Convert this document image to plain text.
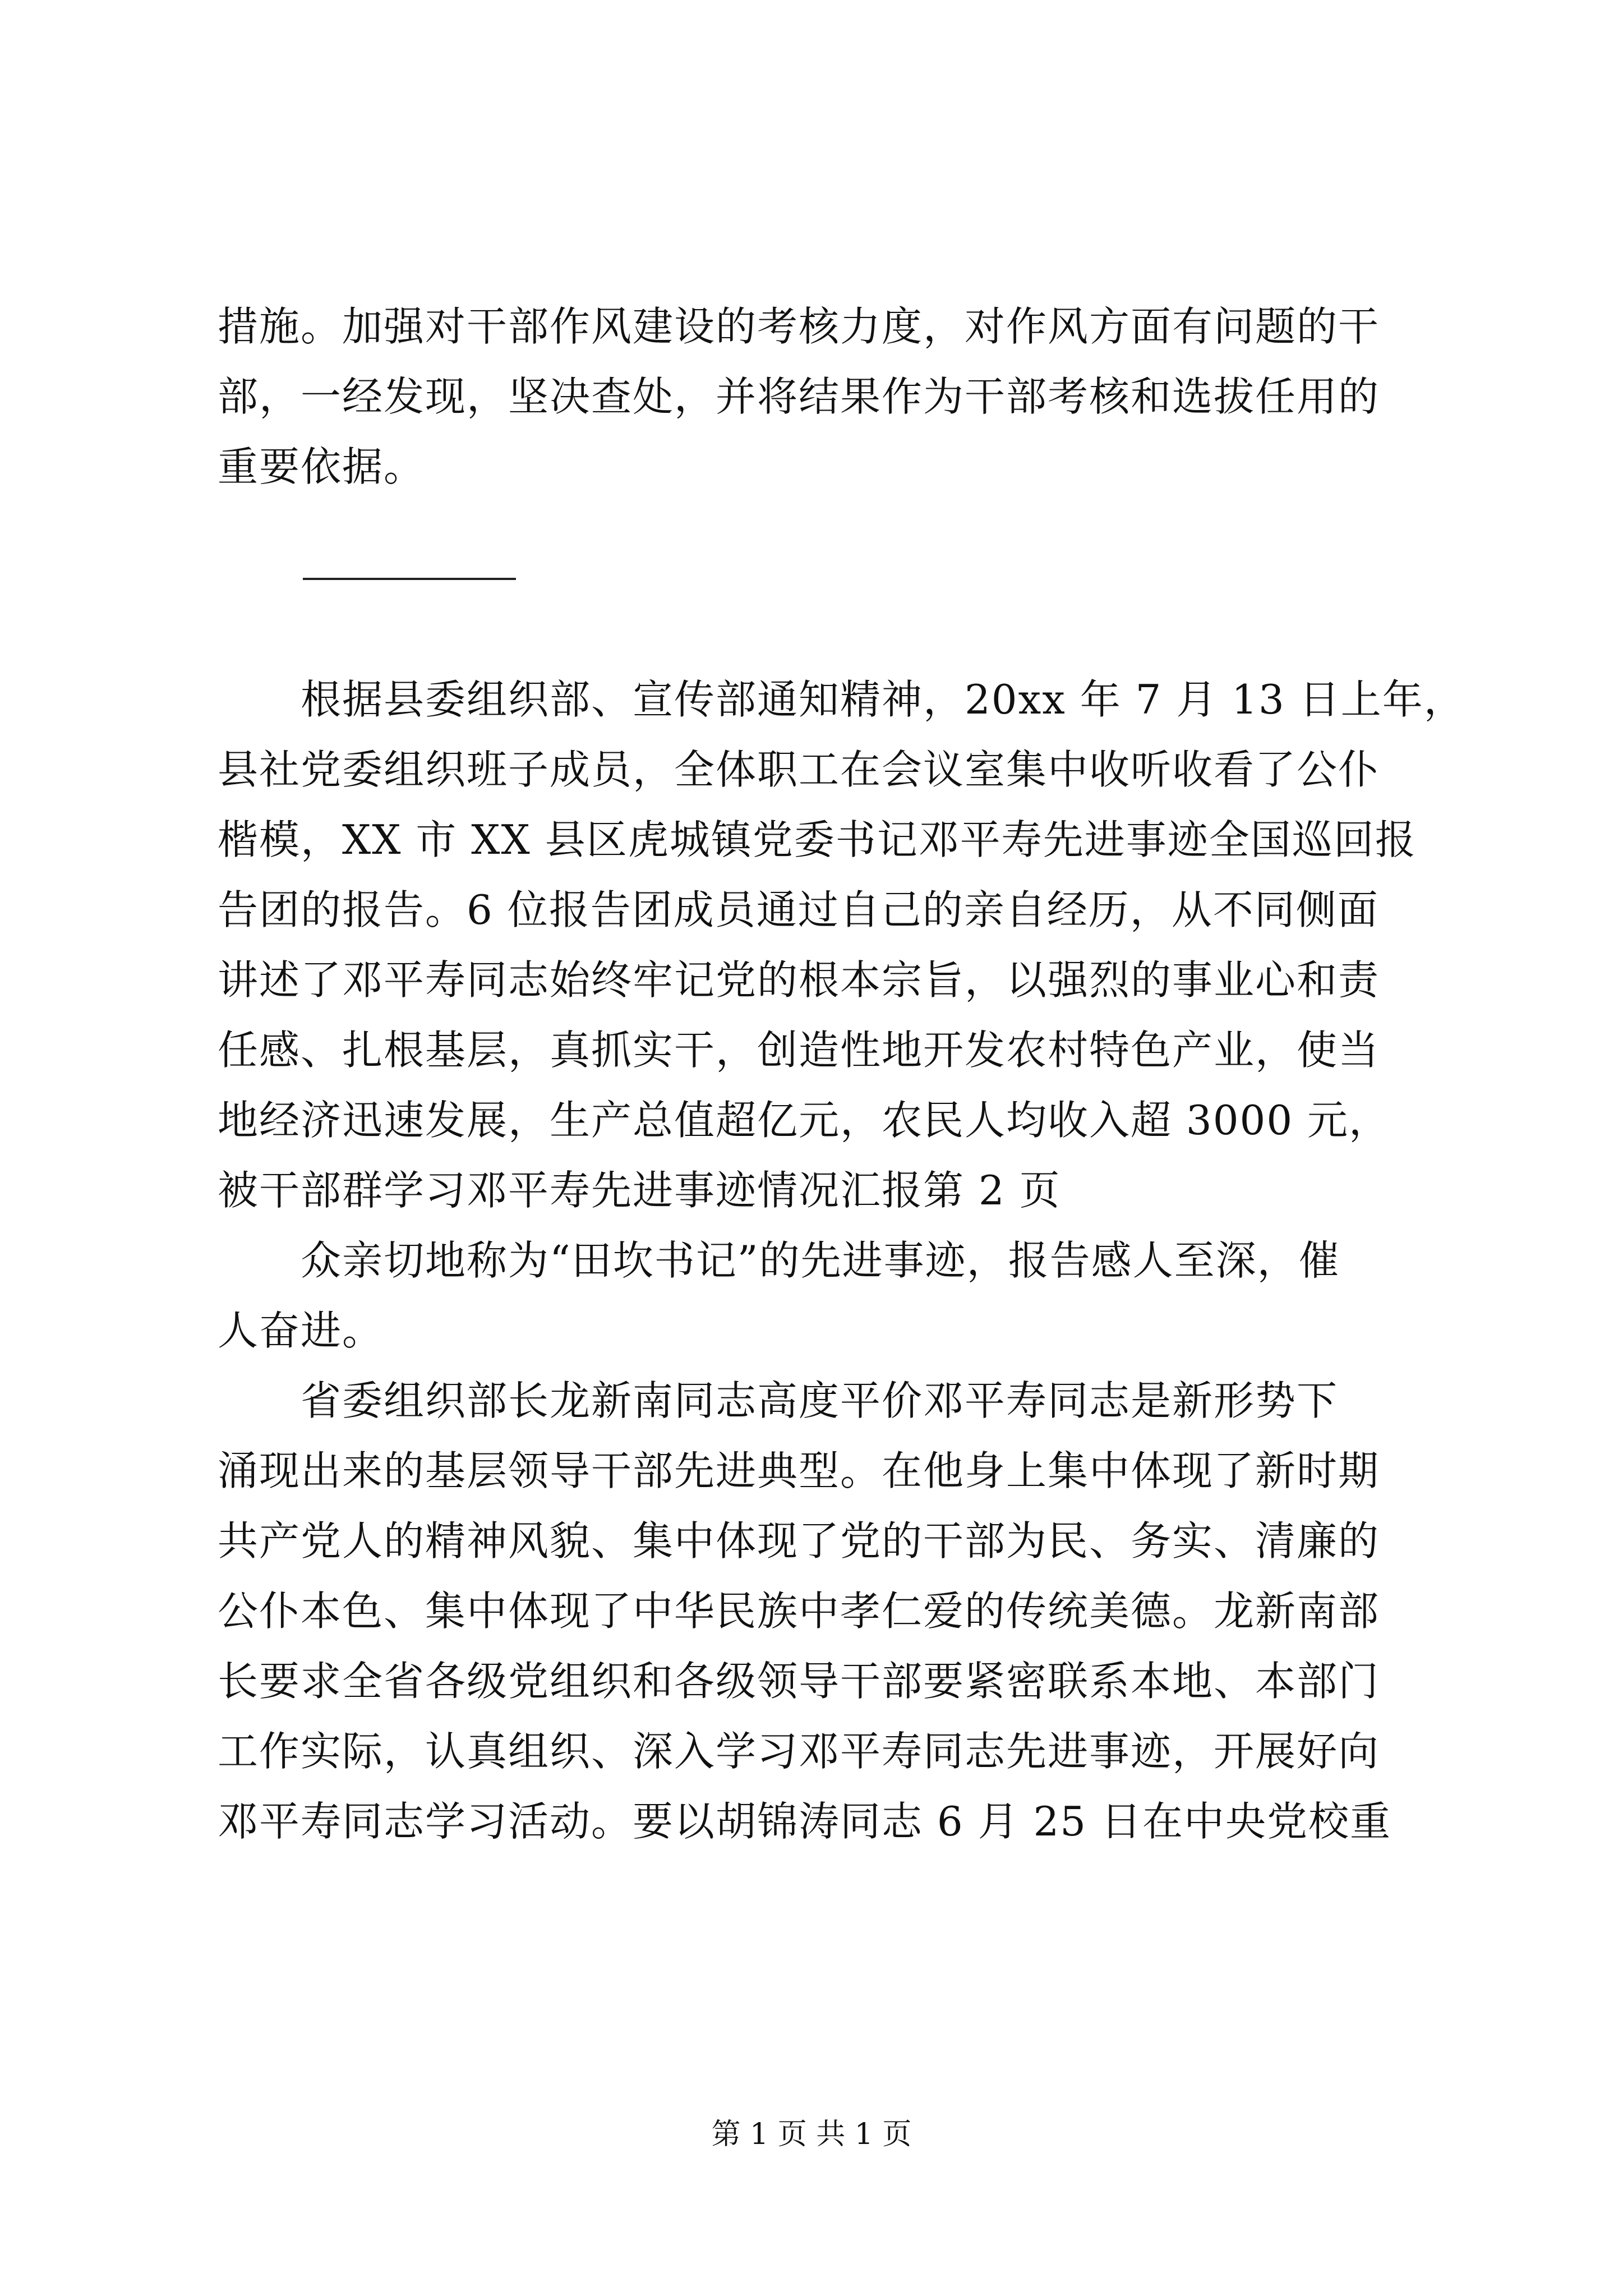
措施。加强对干部作风建设的考核力度，对作风方面有问题的干
部，一经发现，坚决查处，并将结果作为干部考核和选拔任用的
重要依据。
　　根据县委组织部、宣传部通知精神，20xx 年 7 月 13 日上年，
县社党委组织班子成员，全体职工在会议室集中收听收看了公仆
楷模，XX 市 XX 县区虎城镇党委书记邓平寿先进事迹全国巡回报
告团的报告。6 位报告团成员通过自己的亲自经历，从不同侧面
讲述了邓平寿同志始终牢记党的根本宗旨，以强烈的事业心和责
任感、扎根基层，真抓实干，创造性地开发农村特色产业，使当
地经济迅速发展，生产总值超亿元，农民人均收入超 3000 元，
被干部群学习邓平寿先进事迹情况汇报第 2 页
　　众亲切地称为“田坎书记”的先进事迹，报告感人至深，催
人奋进。
　　省委组织部长龙新南同志高度平价邓平寿同志是新形势下
涌现出来的基层领导干部先进典型。在他身上集中体现了新时期
共产党人的精神风貌、集中体现了党的干部为民、务实、清廉的
公仆本色、集中体现了中华民族中孝仁爱的传统美德。龙新南部
长要求全省各级党组织和各级领导干部要紧密联系本地、本部门
工作实际，认真组织、深入学习邓平寿同志先进事迹，开展好向
邓平寿同志学习活动。要以胡锦涛同志 6 月 25 日在中央党校重
第 1 页 共 1 页
